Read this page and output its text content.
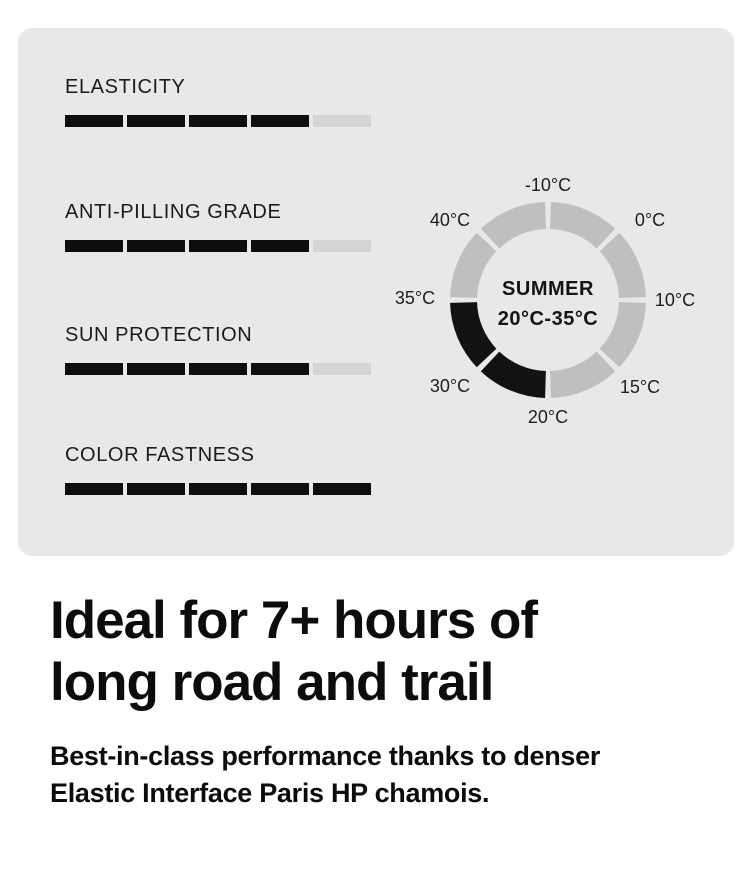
ELASTICITY
ANTI-PILLING GRADE
SUN PROTECTION
COLOR FASTNESS
-10°C
0°C
10°C
15°C
20°C
30°C
35°C
40°C
SUMMER
20°C-35°C
Ideal for 7+ hours of
long road and trail

Best-in-class performance thanks to denser
Elastic Interface Paris HP chamois.
